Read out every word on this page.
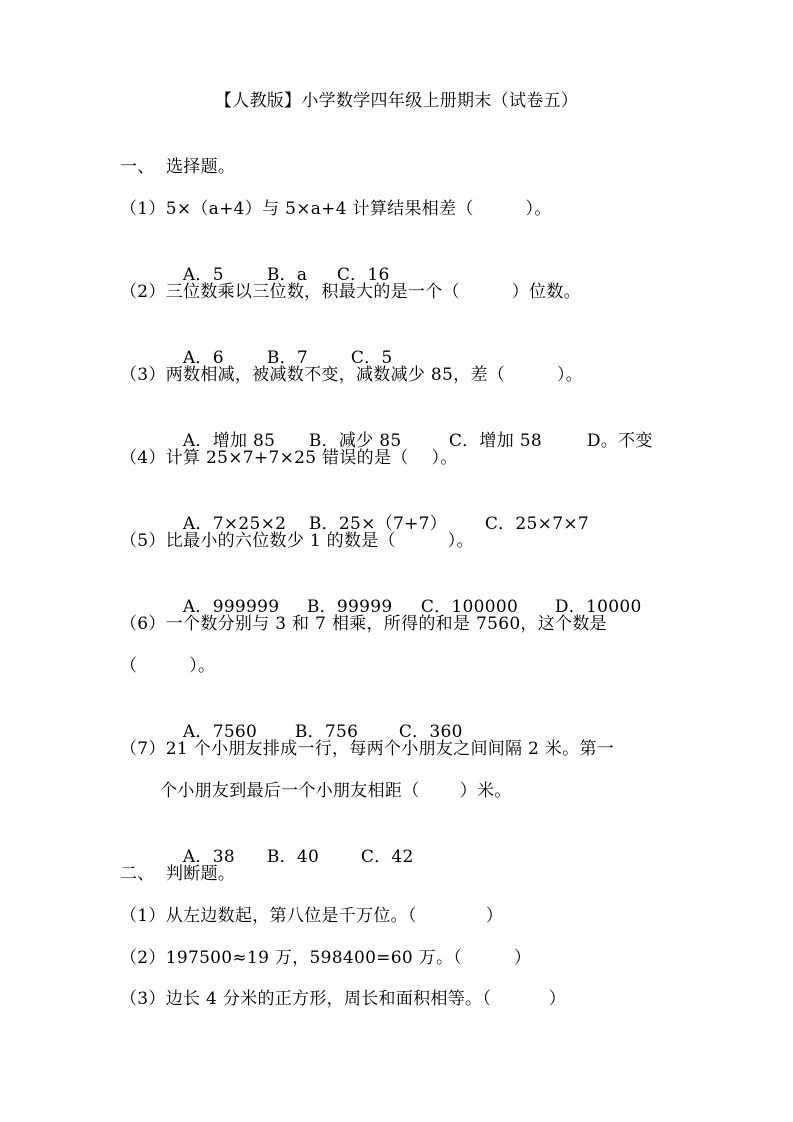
【人教版】小学数学四年级上册期末（试卷五）
一、  选择题。
（1）5×（a+4）与 5×a+4 计算结果相差（　　　）。

A．5	B．a C．16

（2）三位数乘以三位数，积最大的是一个（　　　）位数。

A．6	B．7	C．5

（3）两数相减，被减数不变，减数减少 85，差（　　　）。

A．增加 85 B．减少 85	C．增加 58	D。不变

（4）计算 25×7+7×25 错误的是（　 ）。

A．7×25×2 B．25×（7+7） C．25×7×7

（5）比最小的六位数少 1 的数是（　　　）。

A．999999 B．99999 C．100000 D．10000

（6）一个数分别与 3 和 7 相乘，所得的和是 7560，这个数是
（　　　）。

A．7560 B．756 C．360

（7）21 个小朋友排成一行，每两个小朋友之间间隔 2 米。第一
个小朋友到最后一个小朋友相距（　　 ）米。

A．38 B．40 C．42

二、  判断题。
（1）从左边数起，第八位是千万位。（　　　　）
（2）197500≈19 万，598400=60 万。（　　　）
（3）边长 4 分米的正方形，周长和面积相等。（　　　 ）
